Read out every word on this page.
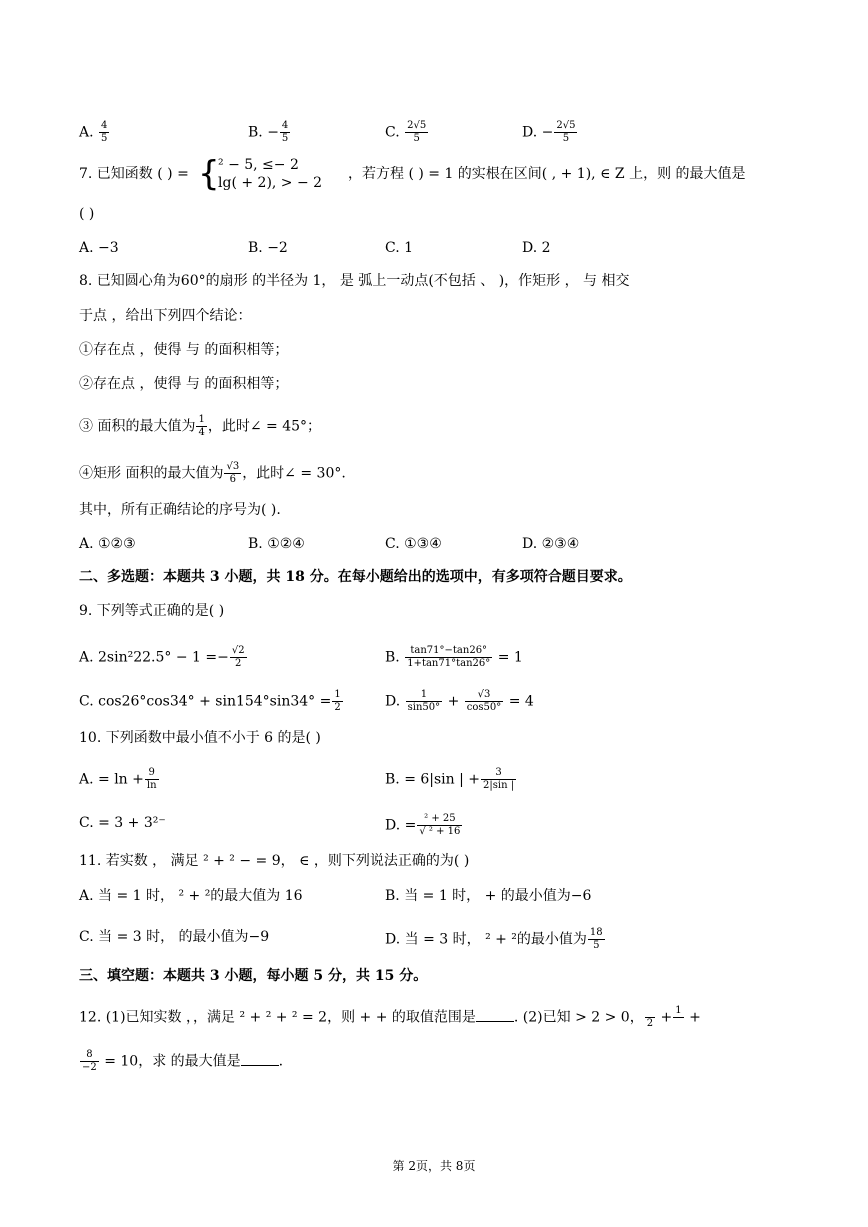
A. $\frac{4}{5}$	B. − $\frac{4}{5}$	C. $\frac{2√5}{5}$	D. − $\frac{2√5}{5}$
7. 已知函数 ( ) = {
² − 5, ≤− 2
lg( + 2), > − 2
，若方程 ( ) = 1 的实根在区间( , + 1), ∈ Z 上，则 的最大值是
( )
A. −3	B. −2	C. 1	D. 2
8. 已知圆心角为60°的扇形 的半径为 1， 是 弧上一动点(不包括 、 )，作矩形 ， 与 相交
于点 ，给出下列四个结论：
①存在点 ，使得 与 的面积相等；
②存在点 ，使得 与 的面积相等；
③ 面积的最大值为 $\frac{1}{4}$ ，此时∠ = 45°；
④矩形 面积的最大值为 $\frac{√3}{6}$ ，此时∠ = 30°.
其中，所有正确结论的序号为( ).
A. ①②③	B. ①②④	C. ①③④	D. ②③④
二、多选题：本题共 3 小题，共 18 分。在每小题给出的选项中，有多项符合题目要求。
9. 下列等式正确的是( )
A. $2\sin^222.5^\circ - 1 =- \frac{√2}{2}$	B. $\frac{\tan 71^\circ-\tan 26^\circ}{1+\tan 71^\circ\tan 26^\circ} = 1$
C. $\cos 26^\circ\cos 34^\circ + \sin 154^\circ\sin 34^\circ = \frac{1}{2}$	D. $\frac{1}{\sin 50^\circ} + \frac{√3}{\cos 50^\circ} = 4$
10. 下列函数中最小值不小于 6 的是( )
A. = $\ln + \frac{9}{\ln}$	B. = 6|sin | + $\frac{3}{2|\sin |}$
C. = 3 + 3²⁻	D. = $\frac{\text{² + 25}}{\text{√ ² + 16}}$
11. 若实数 ， 满足 ² + ² − = 9， ∈ ，则下列说法正确的为( )
A. 当 = 1 时， ² + ²的最大值为 16	B. 当 = 1 时， + 的最小值为−6
C. 当 = 3 时， 的最小值为−9	D. 当 = 3 时， ² + ²的最小值为 $\frac{18}{5}$
三、填空题：本题共 3 小题，每小题 5 分，共 15 分。
12. (1)已知实数 ，，满足 ² + ² + ² = 2，则 + + 的取值范围是	. (2)已知 > 2 > 0，
2 + 1
+
$\frac{8}{-2} = 10$，求 的最大值是	.
第 2页，共 8页
